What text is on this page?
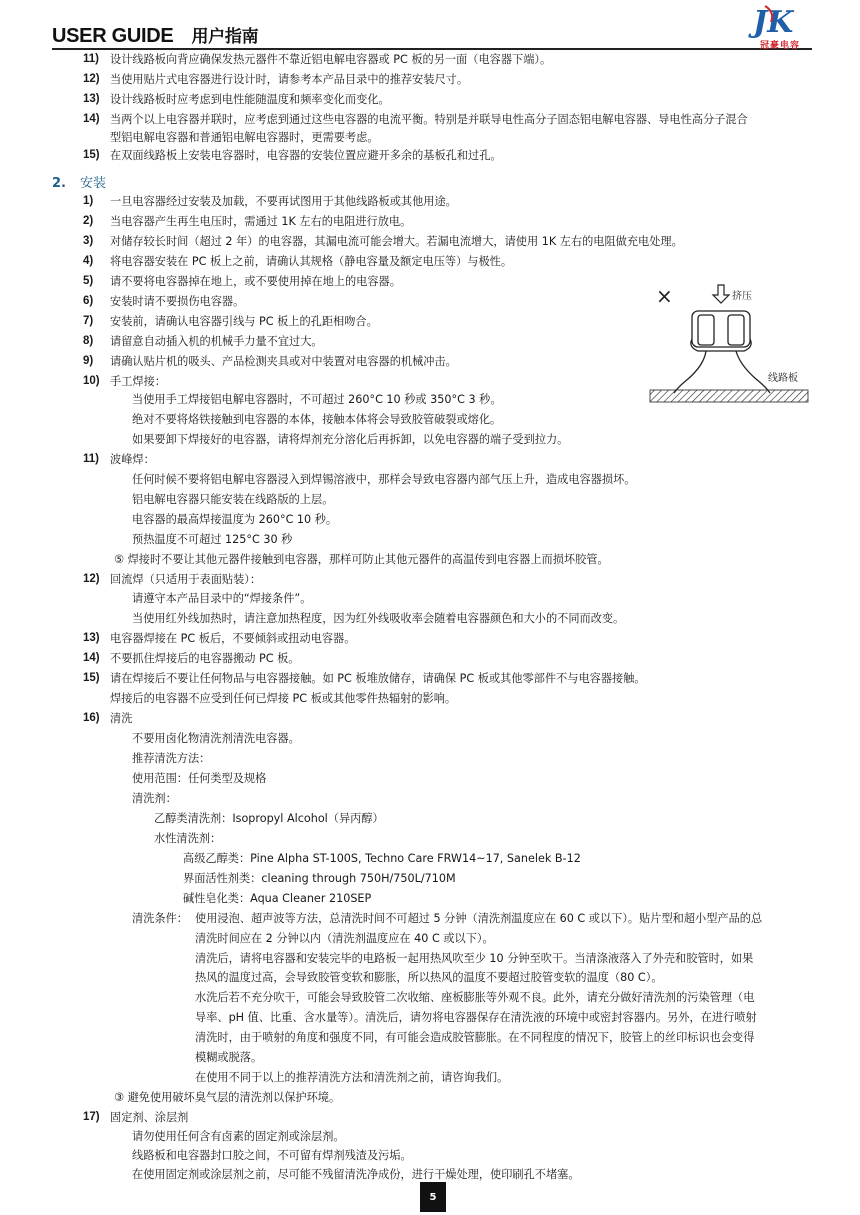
USER GUIDE 用户指南	JK
冠豪电容
11) 设计线路板向背应确保发热元器件不靠近铝电解电容器或 PC 板的另一面（电容器下端）。
12) 当使用贴片式电容器进行设计时，请参考本产品目录中的推荐安装尺寸。
13) 设计线路板时应考虑到电性能随温度和频率变化而变化。
14) 当两个以上电容器并联时，应考虑到通过这些电容器的电流平衡。特别是并联导电性高分子固态铝电解电容器、导电性高分子混合
型铝电解电容器和普通铝电解电容器时，更需要考虑。
15) 在双面线路板上安装电容器时，电容器的安装位置应避开多余的基板孔和过孔。
2. 安装
1) 一旦电容器经过安装及加载，不要再试图用于其他线路板或其他用途。
2) 当电容器产生再生电压时，需通过 1K 左右的电阻进行放电。
3) 对储存较长时间（超过 2 年）的电容器，其漏电流可能会增大。若漏电流增大，请使用 1K 左右的电阻做充电处理。
4) 将电容器安装在 PC 板上之前，请确认其规格（静电容量及额定电压等）与极性。
5) 请不要将电容器掉在地上，或不要使用掉在地上的电容器。
6) 安装时请不要损伤电容器。
7) 安装前，请确认电容器引线与 PC 板上的孔距相吻合。
8) 请留意自动插入机的机械手力量不宜过大。
9) 请确认贴片机的吸头、产品检测夹具或对中装置对电容器的机械冲击。
10) 手工焊接：
当使用手工焊接铝电解电容器时，不可超过 260°C 10 秒或 350°C 3 秒。
绝对不要将烙铁接触到电容器的本体，接触本体将会导致胶管破裂或熔化。
如果要卸下焊接好的电容器，请将焊剂充分溶化后再拆卸，以免电容器的端子受到拉力。
11) 波峰焊：
任何时候不要将铝电解电容器浸入到焊锡溶液中，那样会导致电容器内部气压上升，造成电容器损坏。
铝电解电容器只能安装在线路版的上层。
电容器的最高焊接温度为 260°C 10 秒。
预热温度不可超过 125°C 30 秒
⑤ 焊接时不要让其他元器件接触到电容器，那样可防止其他元器件的高温传到电容器上而损坏胶管。
12) 回流焊（只适用于表面贴装）：
请遵守本产品目录中的“焊接条件”。
当使用红外线加热时，请注意加热程度，因为红外线吸收率会随着电容器颜色和大小的不同而改变。
13) 电容器焊接在 PC 板后，不要倾斜或扭动电容器。
14) 不要抓住焊接后的电容器搬动 PC 板。
15) 请在焊接后不要让任何物品与电容器接触。如 PC 板堆放储存，请确保 PC 板或其他零部件不与电容器接触。
焊接后的电容器不应受到任何已焊接 PC 板或其他零件热辐射的影响。
16) 清洗
不要用卤化物清洗剂清洗电容器。
推荐清洗方法：
使用范围：任何类型及规格
清洗剂：
乙醇类清洗剂：Isopropyl Alcohol（异丙醇）
水性清洗剂：
高级乙醇类：Pine Alpha ST-100S, Techno Care FRW14~17, Sanelek B-12
界面活性剂类：cleaning through 750H/750L/710M
碱性皂化类：Aqua Cleaner 210SEP
清洗条件： 使用浸泡、超声波等方法，总清洗时间不可超过 5 分钟（清洗剂温度应在 60 C 或以下）。贴片型和超小型产品的总
清洗时间应在 2 分钟以内（清洗剂温度应在 40 C 或以下）。
清洗后，请将电容器和安装完毕的电路板一起用热风吹至少 10 分钟至吹干。当清涤液落入了外壳和胶管时，如果
热风的温度过高，会导致胶管变软和膨胀，所以热风的温度不要超过胶管变软的温度（80 C）。
水洗后若不充分吹干，可能会导致胶管二次收缩、座板膨胀等外观不良。此外，请充分做好清洗剂的污染管理（电
导率、pH 值、比重、含水量等）。清洗后，请勿将电容器保存在清洗液的环境中或密封容器内。另外，在进行喷射
清洗时，由于喷射的角度和强度不同，有可能会造成胶管膨胀。在不同程度的情况下，胶管上的丝印标识也会变得
模糊或脱落。
在使用不同于以上的推荐清洗方法和清洗剂之前，请咨询我们。
③ 避免使用破坏臭气层的清洗剂以保护环境。
17) 固定剂、涂层剂
请勿使用任何含有卤素的固定剂或涂层剂。
线路板和电容器封口胶之间，不可留有焊剂残渣及污垢。
在使用固定剂或涂层剂之前，尽可能不残留清洗净成份，进行干燥处理，使印刷孔不堵塞。
×	挤压
线路板
5
